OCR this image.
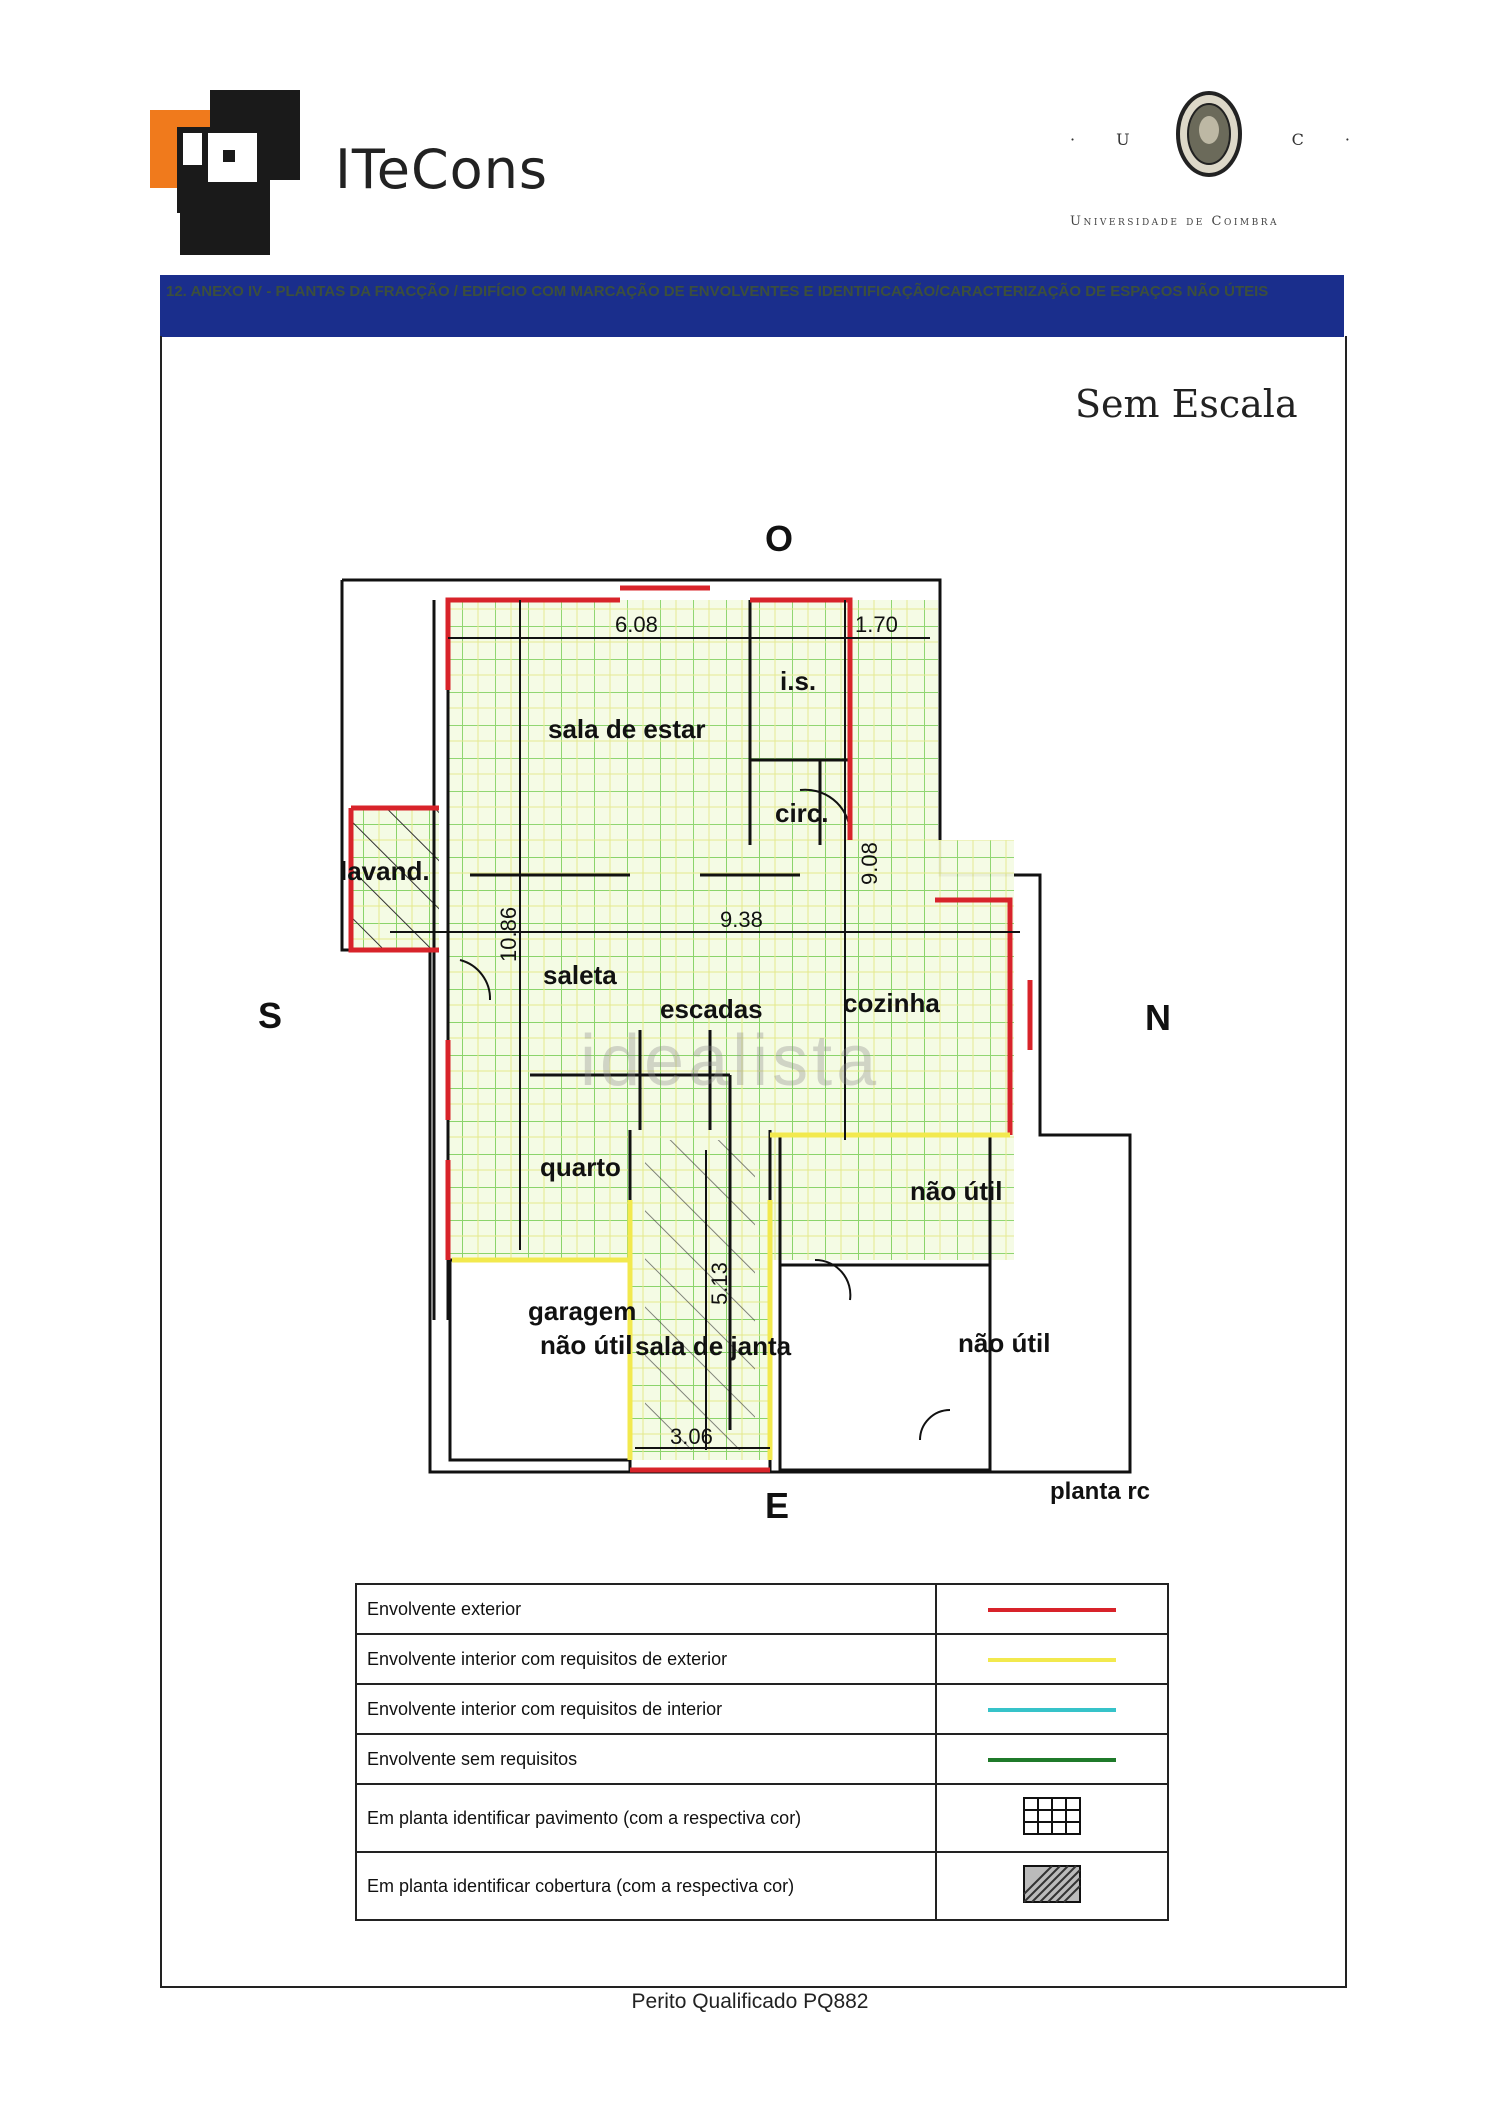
ITeCons	·	U	C	·
Universidade de Coimbra
12. ANEXO IV - PLANTAS DA FRACÇÃO / EDIFÍCIO COM MARCAÇÃO DE ENVOLVENTES E IDENTIFICAÇÃO/CARACTERIZAÇÃO DE ESPAÇOS NÃO ÚTEIS
Sem Escala
O
S	N
E
sala de estar
i.s.
circ.
lavand.
saleta
escadas	cozinha
quarto
garagem
não útil
não útil
não útil
sala de janta
6.08	1.70
9.38
10.86
9.08
5.13
3.06
idealista
planta rc
Envolvente exterior	
Envolvente interior com requisitos de exterior	
Envolvente interior com requisitos de interior	
Envolvente sem requisitos	
Em planta identificar pavimento (com a respectiva cor)	
Em planta identificar cobertura (com a respectiva cor)	
Perito Qualificado PQ882
